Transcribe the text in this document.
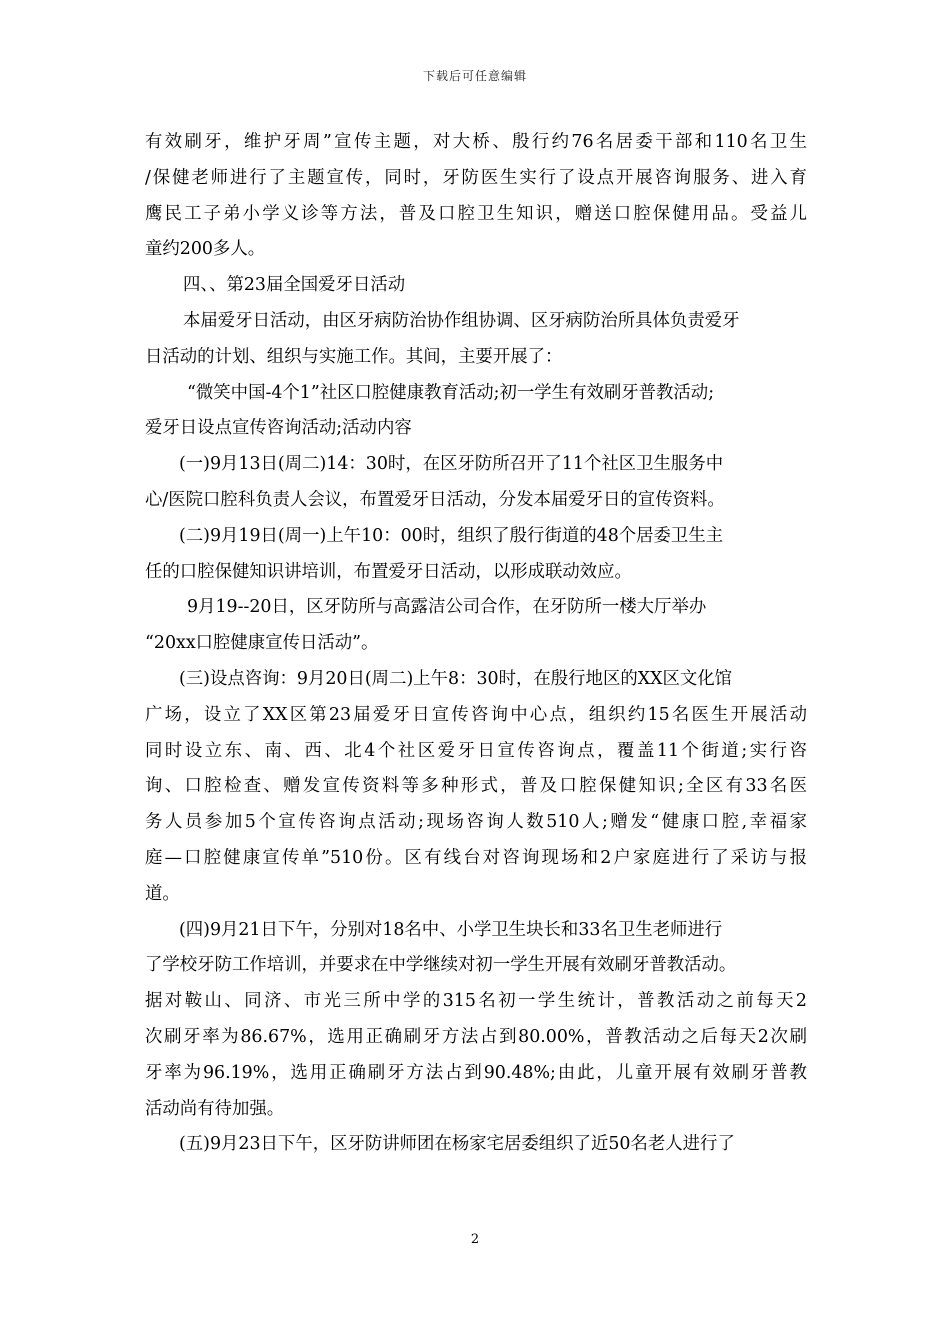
下载后可任意编辑
有效刷牙，维护牙周”宣传主题，对大桥、殷行约76名居委干部和110名卫生
/保健老师进行了主题宣传，同时，牙防医生实行了设点开展咨询服务、进入育
鹰民工子弟小学义诊等方法，普及口腔卫生知识，赠送口腔保健用品。受益儿
童约200多人。
四、、第23届全国爱牙日活动
本届爱牙日活动，由区牙病防治协作组协调、区牙病防治所具体负责爱牙
日活动的计划、组织与实施工作。其间，主要开展了：
“微笑中国-4个1”社区口腔健康教育活动;初一学生有效刷牙普教活动;
爱牙日设点宣传咨询活动;活动内容
(一)9月13日(周二)14：30时，在区牙防所召开了11个社区卫生服务中
心/医院口腔科负责人会议，布置爱牙日活动，分发本届爱牙日的宣传资料。
(二)9月19日(周一)上午10：00时，组织了殷行街道的48个居委卫生主
任的口腔保健知识讲培训，布置爱牙日活动，以形成联动效应。
9月19--20日，区牙防所与高露洁公司合作，在牙防所一楼大厅举办
“20xx口腔健康宣传日活动”。
(三)设点咨询：9月20日(周二)上午8：30时，在殷行地区的XX区文化馆
广场，设立了XX区第23届爱牙日宣传咨询中心点，组织约15名医生开展活动
同时设立东、南、西、北4个社区爱牙日宣传咨询点，覆盖11个街道;实行咨
询、口腔检查、赠发宣传资料等多种形式，普及口腔保健知识;全区有33名医
务人员参加5个宣传咨询点活动;现场咨询人数510人;赠发“健康口腔,幸福家
庭—口腔健康宣传单”510份。区有线台对咨询现场和2户家庭进行了采访与报
道。
(四)9月21日下午，分别对18名中、小学卫生块长和33名卫生老师进行
了学校牙防工作培训，并要求在中学继续对初一学生开展有效刷牙普教活动。
据对鞍山、同济、市光三所中学的315名初一学生统计，普教活动之前每天2
次刷牙率为86.67%，选用正确刷牙方法占到80.00%，普教活动之后每天2次刷
牙率为96.19%，选用正确刷牙方法占到90.48%;由此，儿童开展有效刷牙普教
活动尚有待加强。
(五)9月23日下午，区牙防讲师团在杨家宅居委组织了近50名老人进行了
2
